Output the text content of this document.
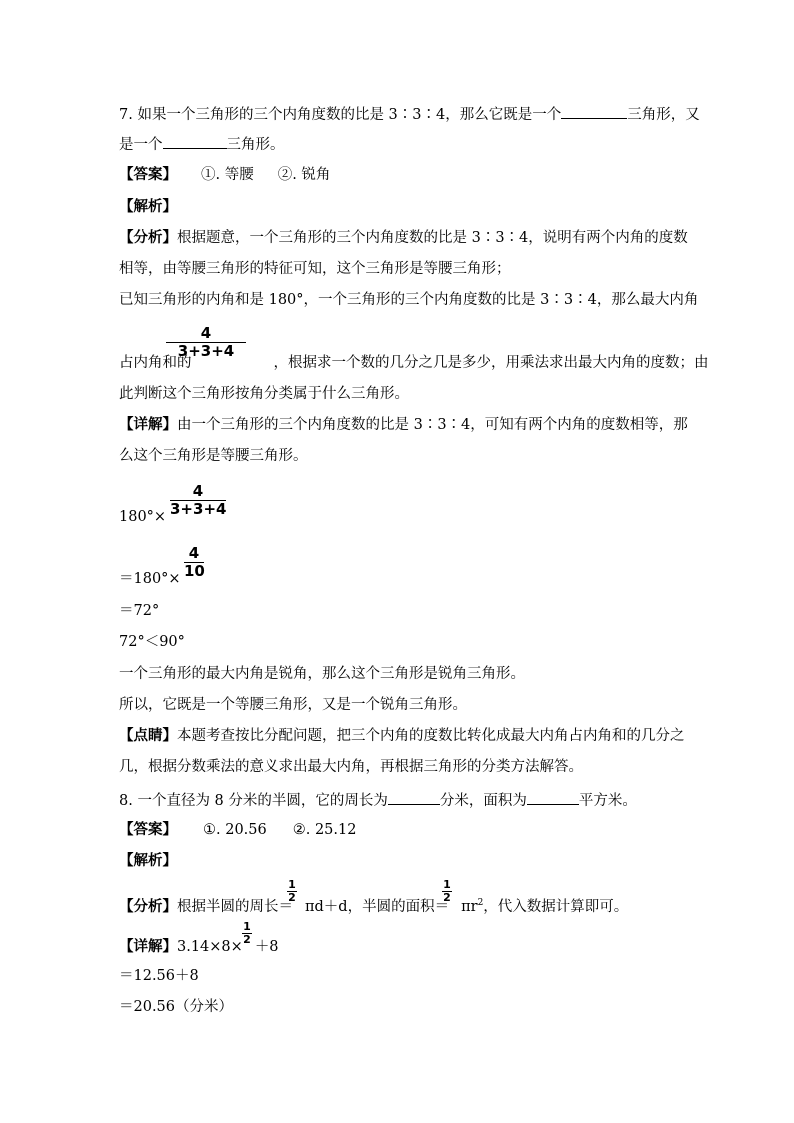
7. 如果一个三角形的三个内角度数的比是 3∶3∶4，那么它既是一个	三角形，又
是一个	三角形。
【答案】 ①. 等腰 ②. 锐角
【解析】
【分析】根据题意，一个三角形的三个内角度数的比是 3∶3∶4，说明有两个内角的度数
相等，由等腰三角形的特征可知，这个三角形是等腰三角形；
已知三角形的内角和是 180°，一个三角形的三个内角度数的比是 3∶3∶4，那么最大内角
4
3+3+4
占内角和的	，根据求一个数的几分之几是多少，用乘法求出最大内角的度数；由
此判断这个三角形按角分类属于什么三角形。
【详解】由一个三角形的三个内角度数的比是 3∶3∶4，可知有两个内角的度数相等，那
么这个三角形是等腰三角形。
4
3+3+4
180°×
4
10
＝180°×
＝72°
72°＜90°
一个三角形的最大内角是锐角，那么这个三角形是锐角三角形。
所以，它既是一个等腰三角形，又是一个锐角三角形。
【点睛】本题考查按比分配问题，把三个内角的度数比转化成最大内角占内角和的几分之
几，根据分数乘法的意义求出最大内角，再根据三角形的分类方法解答。
8. 一个直径为 8 分米的半圆，它的周长为	分米，面积为	平方米。
【答案】 ①. 20.56 ②. 25.12
【解析】
1
2
1
2
【分析】根据半圆的周长＝ πd＋d，半圆的面积＝ $\pi r^2$，代入数据计算即可。
1
2
【详解】3.14×8× ＋8
＝12.56＋8
＝20.56（分米）
